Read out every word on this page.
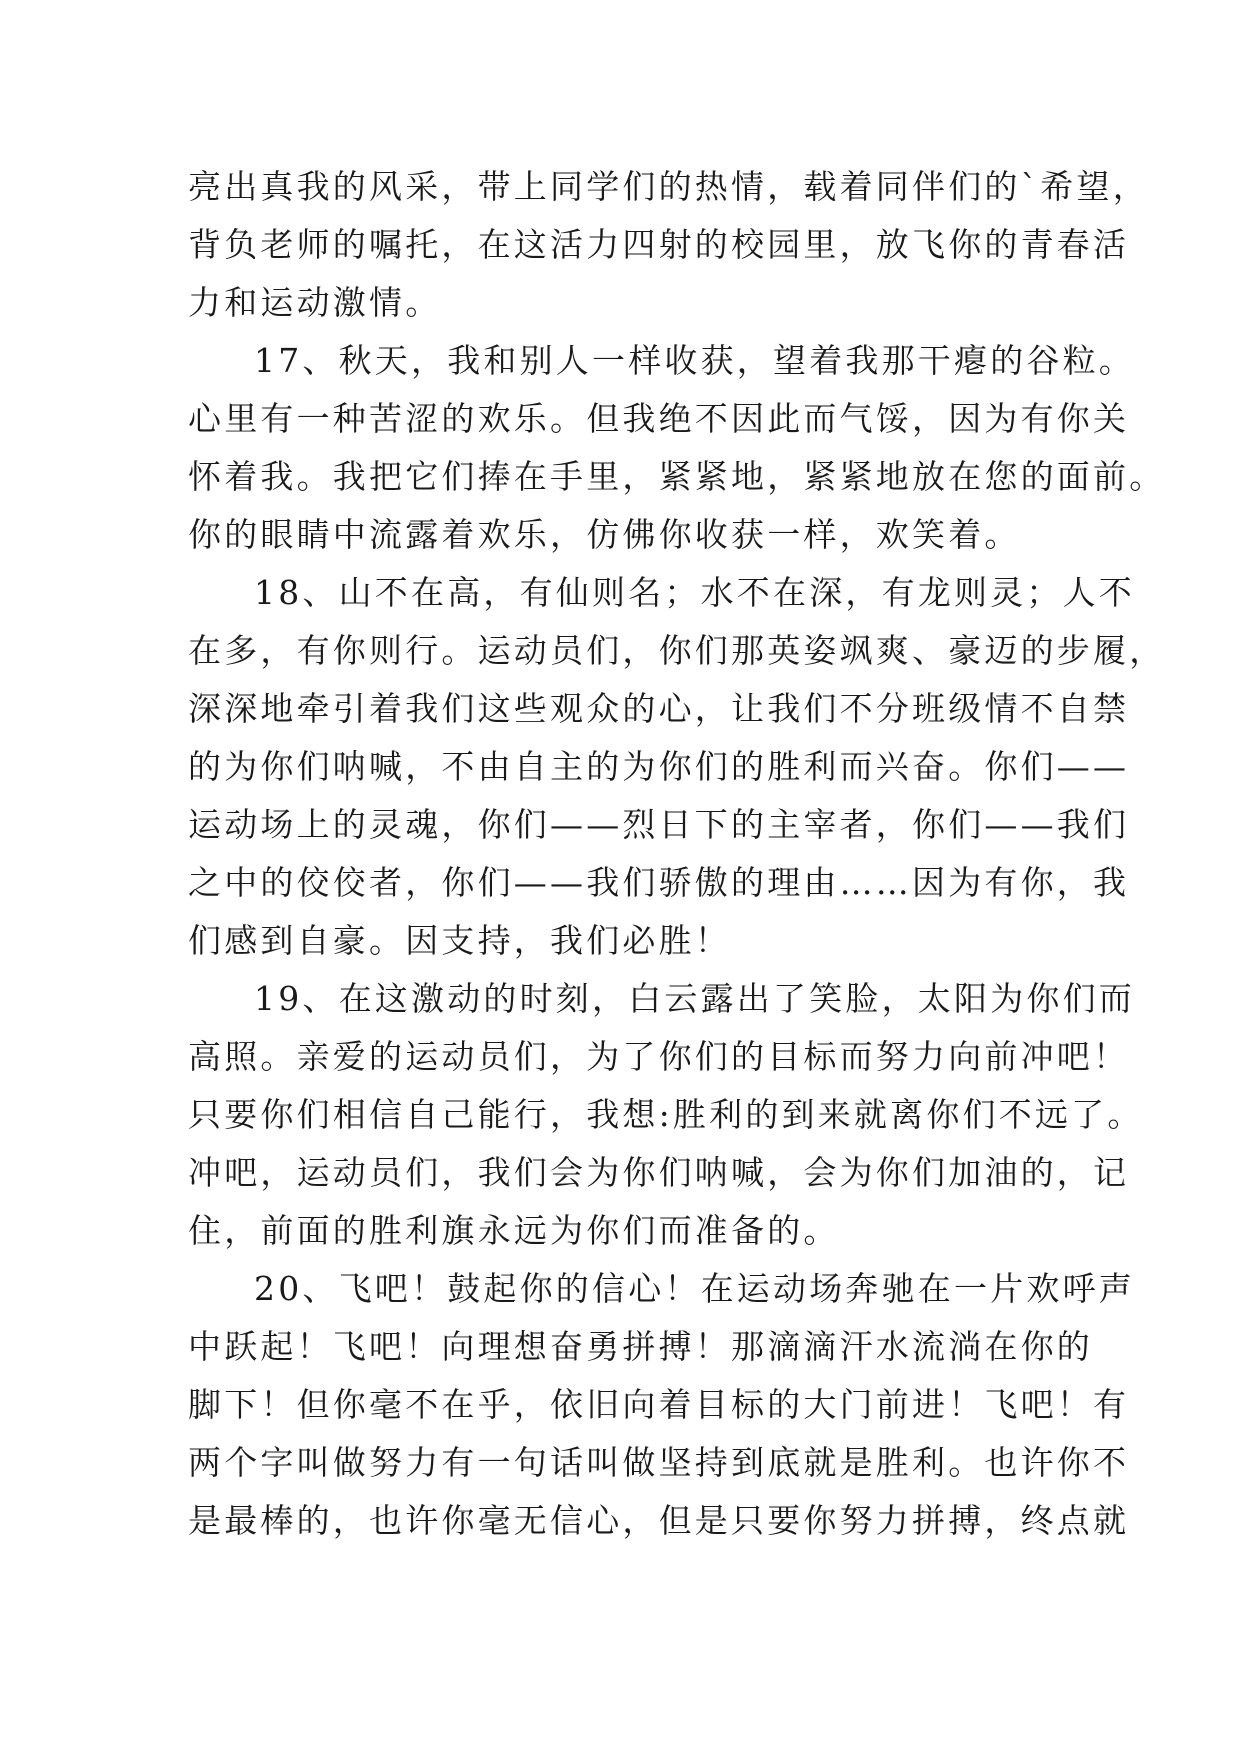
亮出真我的风采，带上同学们的热情，载着同伴们的`希望，
背负老师的嘱托，在这活力四射的校园里，放飞你的青春活
力和运动激情。
17、秋天，我和别人一样收获，望着我那干瘪的谷粒。
心里有一种苦涩的欢乐。但我绝不因此而气馁，因为有你关
怀着我。我把它们捧在手里，紧紧地，紧紧地放在您的面前。
你的眼睛中流露着欢乐，仿佛你收获一样，欢笑着。
18、山不在高，有仙则名；水不在深，有龙则灵；人不
在多，有你则行。运动员们，你们那英姿飒爽、豪迈的步履，
深深地牵引着我们这些观众的心，让我们不分班级情不自禁
的为你们呐喊，不由自主的为你们的胜利而兴奋。你们——
运动场上的灵魂，你们——烈日下的主宰者，你们——我们
之中的佼佼者，你们——我们骄傲的理由……因为有你，我
们感到自豪。因支持，我们必胜！
19、在这激动的时刻，白云露出了笑脸，太阳为你们而
高照。亲爱的运动员们，为了你们的目标而努力向前冲吧！
只要你们相信自己能行，我想:胜利的到来就离你们不远了。
冲吧，运动员们，我们会为你们呐喊，会为你们加油的，记
住，前面的胜利旗永远为你们而准备的。
20、飞吧！鼓起你的信心！在运动场奔驰在一片欢呼声
中跃起！飞吧！向理想奋勇拼搏！那滴滴汗水流淌在你的
脚下！但你毫不在乎，依旧向着目标的大门前进！飞吧！有
两个字叫做努力有一句话叫做坚持到底就是胜利。也许你不
是最棒的，也许你毫无信心，但是只要你努力拼搏，终点就
